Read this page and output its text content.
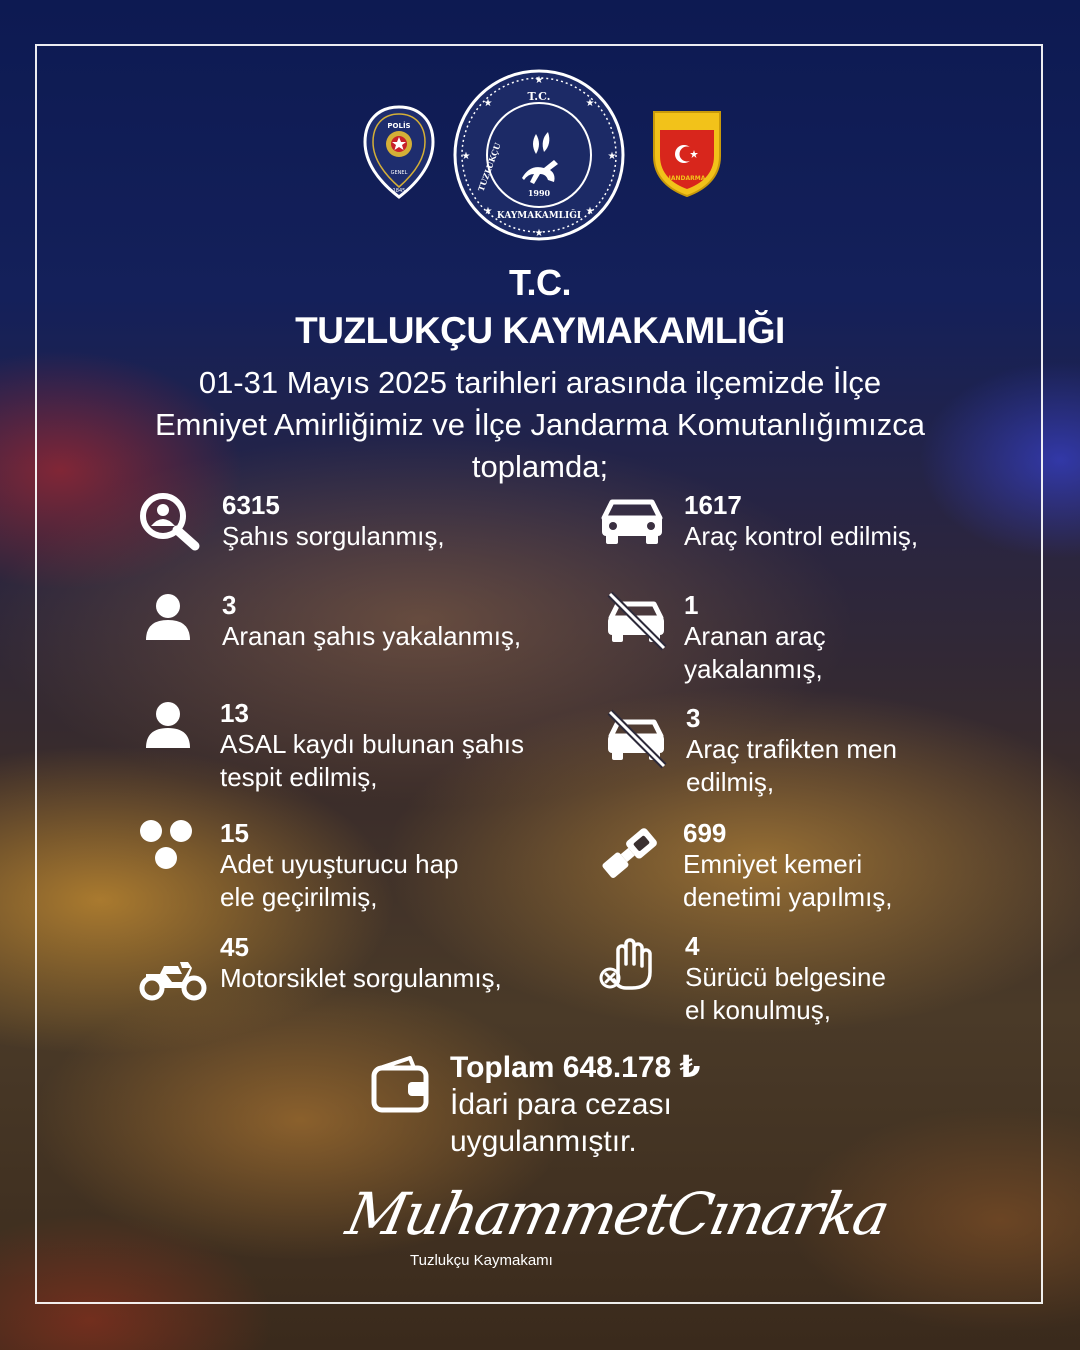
POLİS
GENEL
1845
★
★
★
★
★
★
★
★
T.C.
KAYMAKAMLIĞI
TUZLUKÇU
1990
★ ★ ★ ★ ★
JANDARMA
T.C.
TUZLUKÇU KAYMAKAMLIĞI
01-31 Mayıs 2025 tarihleri arasında ilçemizde İlçe
Emniyet Amirliğimiz ve İlçe Jandarma Komutanlığımızca
toplamda;
6315
Şahıs sorgulanmış,
3
Aranan şahıs yakalanmış,
13
ASAL kaydı bulunan şahıs
tespit edilmiş,
15
Adet uyuşturucu hap
ele geçirilmiş,
45
Motorsiklet sorgulanmış,
1617
Araç kontrol edilmiş,
1
Aranan araç
yakalanmış,
3
Araç trafikten men
edilmiş,
699
Emniyet kemeri
denetimi yapılmış,
4
Sürücü belgesine
el konulmuş,
Toplam 648.178 ₺
İdari para cezası
uygulanmıştır.
MuhammetCınarka
Tuzlukçu Kaymakamı
